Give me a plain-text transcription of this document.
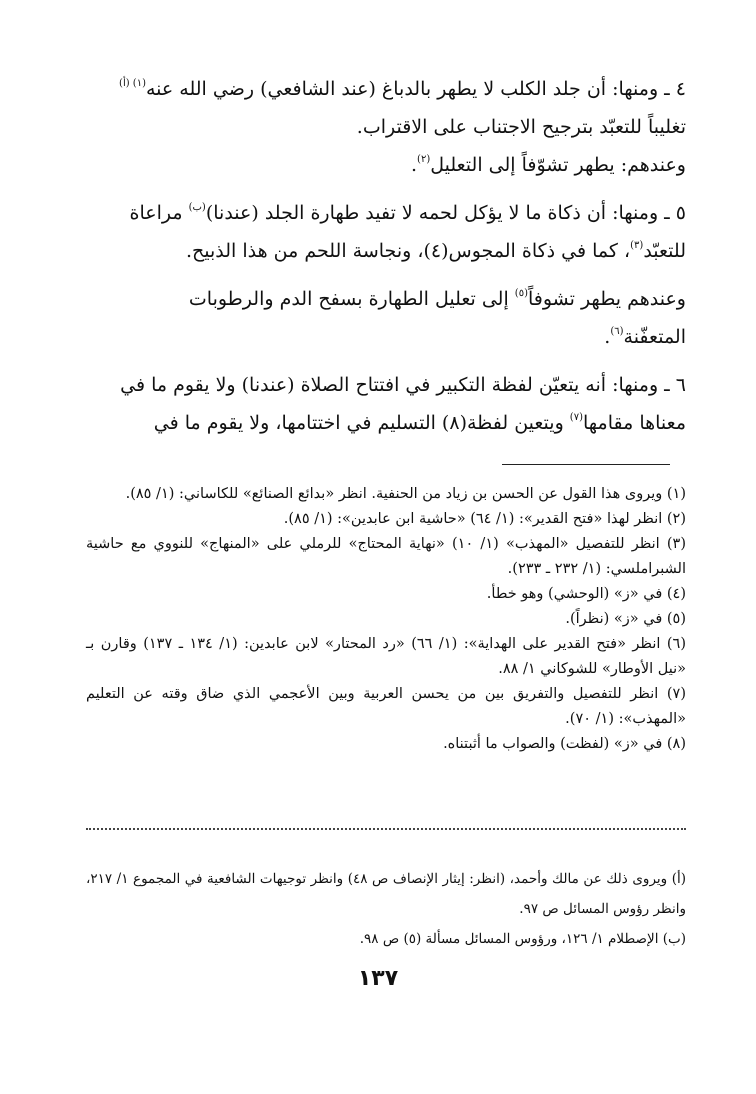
٤ ـ ومنها: أن جلد الكلب لا يطهر بالدباغ (عند الشافعي) رضي الله عنه$^{(١) (أ)}$

تغليباً للتعبّد بترجيح الاجتناب على الاقتراب.

وعندهم: يطهر تشوّفاً إلى التعليل$^{(٢)}$.

٥ ـ ومنها: أن ذكاة ما لا يؤكل لحمه لا تفيد طهارة الجلد (عندنا)$^{(ب)}$ مراعاة

للتعبّد$^{(٣)}$، كما في ذكاة المجوس(٤)، ونجاسة اللحم من هذا الذبيح.

وعندهم يطهر تشوفاً$^{(٥)}$ إلى تعليل الطهارة بسفح الدم والرطوبات

المتعفّنة$^{(٦)}$.

٦ ـ ومنها: أنه يتعيّن لفظة التكبير في افتتاح الصلاة (عندنا) ولا يقوم ما في

معناها مقامها$^{(٧)}$ ويتعين لفظة(٨) التسليم في اختتامها، ولا يقوم ما في

(١) ويروى هذا القول عن الحسن بن زياد من الحنفية. انظر «بدائع الصنائع» للكاساني: (١/ ٨٥).

(٢) انظر لهذا «فتح القدير»: (١/ ٦٤) «حاشية ابن عابدين»: (١/ ٨٥).

(٣) انظر للتفصيل «المهذب» (١/ ١٠) «نهاية المحتاج» للرملي على «المنهاج» للنووي مع حاشية الشبراملسي: (١/ ٢٣٢ ـ ٢٣٣).

(٤) في «ز» (الوحشي) وهو خطأ.

(٥) في «ز» (نظراً).

(٦) انظر «فتح القدير على الهداية»: (١/ ٦٦) «رد المحتار» لابن عابدين: (١/ ١٣٤ ـ ١٣٧) وقارن بـ «نيل الأوطار» للشوكاني ١/ ٨٨.

(٧) انظر للتفصيل والتفريق بين من يحسن العربية وبين الأعجمي الذي ضاق وقته عن التعليم «المهذب»: (١/ ٧٠).

(٨) في «ز» (لفظت) والصواب ما أثبتناه.

(أ) ويروى ذلك عن مالك وأحمد، (انظر: إيثار الإنصاف ص ٤٨) وانظر توجيهات الشافعية في المجموع ١/ ٢١٧، وانظر رؤوس المسائل ص ٩٧.

(ب) الإصطلام ١/ ١٢٦، ورؤوس المسائل مسألة (٥) ص ٩٨.

١٣٧
